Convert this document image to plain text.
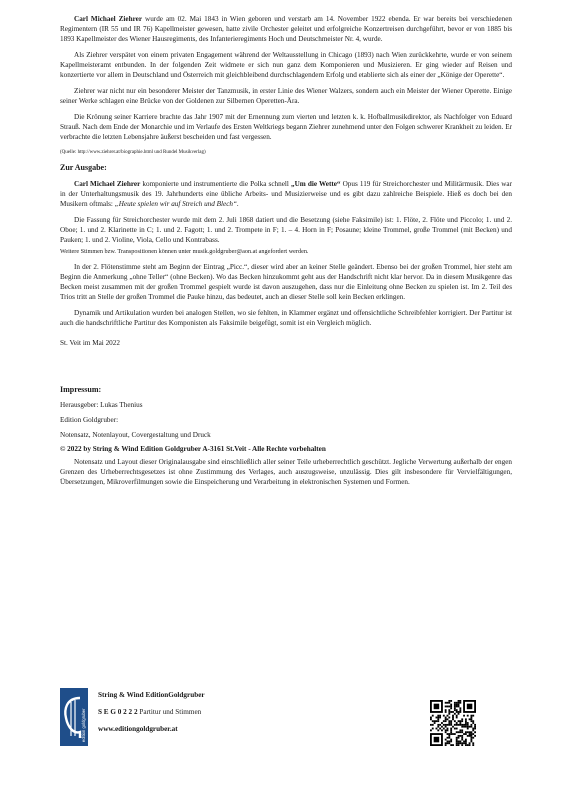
Carl Michael Ziehrer wurde am 02. Mai 1843 in Wien geboren und verstarb am 14. November 1922 ebenda. Er war bereits bei verschiedenen Regimentern (IR 55 und IR 76) Kapellmeister gewesen, hatte zivile Orchester geleitet und erfolgreiche Konzertreisen durchgeführt, bevor er von 1885 bis 1893 Kapellmeister des Wiener Hausregiments, des Infanterieregiments Hoch und Deutschmeister Nr. 4, wurde.

Als Ziehrer verspätet von einem privaten Engagement während der Weltausstellung in Chicago (1893) nach Wien zurückkehrte, wurde er von seinem Kapellmeisteramt entbunden. In der folgenden Zeit widmete er sich nun ganz dem Komponieren und Musizieren. Er ging wieder auf Reisen und konzertierte vor allem in Deutschland und Österreich mit gleichbleibend durchschlagendem Erfolg und etablierte sich als einer der „Könige der Operette“.

Ziehrer war nicht nur ein besonderer Meister der Tanzmusik, in erster Linie des Wiener Walzers, sondern auch ein Meister der Wiener Operette. Einige seiner Werke schlagen eine Brücke von der Goldenen zur Silbernen Operetten-Ära.

Die Krönung seiner Karriere brachte das Jahr 1907 mit der Ernennung zum vierten und letzten k. k. Hofballmusikdirektor, als Nachfolger von Eduard Strauß. Nach dem Ende der Monarchie und im Verlaufe des Ersten Weltkriegs begann Ziehrer zunehmend unter den Folgen schwerer Krankheit zu leiden. Er verbrachte die letzten Lebensjahre äußerst bescheiden und fast vergessen.

(Quelle: http://www.ziehrer.at/biographie.html und Rundel Musikverlag)

Zur Ausgabe:

Carl Michael Ziehrer komponierte und instrumentierte die Polka schnell „Um die Wette“ Opus 119 für Streichorchester und Militärmusik. Dies war in der Unterhaltungsmusik des 19. Jahrhunderts eine übliche Arbeits- und Musizierweise und es gibt dazu zahlreiche Beispiele. Hieß es doch bei den Musikern oftmals: „Heute spielen wir auf Streich und Blech“.

Die Fassung für Streichorchester wurde mit dem 2. Juli 1868 datiert und die Besetzung (siehe Faksimile) ist: 1. Flöte, 2. Flöte und Piccolo; 1. und 2. Oboe; 1. und 2. Klarinette in C; 1. und 2. Fagott; 1. und 2. Trompete in F; 1. – 4. Horn in F; Posaune; kleine Trommel, große Trommel (mit Becken) und Pauken; 1. und 2. Violine, Viola, Cello und Kontrabass.

Weitere Stimmen bzw. Transpositionen können unter musik.goldgruber@aon.at angefordert werden.

In der 2. Flötenstimme steht am Beginn der Eintrag „Picc.“, dieser wird aber an keiner Stelle geändert. Ebenso bei der großen Trommel, hier steht am Beginn die Anmerkung „ohne Teller“ (ohne Becken). Wo das Becken hinzukommt geht aus der Handschrift nicht klar hervor. Da in diesem Musikgenre das Becken meist zusammen mit der großen Trommel gespielt wurde ist davon auszugehen, dass nur die Einleitung ohne Becken zu spielen ist. Im 2. Teil des Trios tritt an Stelle der großen Trommel die Pauke hinzu, das bedeutet, auch an dieser Stelle soll kein Becken erklingen.

Dynamik und Artikulation wurden bei analogen Stellen, wo sie fehlten, in Klammer ergänzt und offensichtliche Schreibfehler korrigiert. Der Partitur ist auch die handschriftliche Partitur des Komponisten als Faksimile beigefügt, somit ist ein Vergleich möglich.

St. Veit im Mai 2022

Impressum:

Herausgeber: Lukas Thenius

Edition Goldgruber:

Notensatz, Notenlayout, Covergestaltung und Druck

© 2022 by String & Wind Edition Goldgruber A-3161 St.Veit - Alle Rechte vorbehalten

Notensatz und Layout dieser Originalausgabe sind einschließlich aller seiner Teile urheberrechtlich geschützt. Jegliche Verwertung außerhalb der engen Grenzen des Urheberrechtsgesetzes ist ohne Zustimmung des Verlages, auch auszugsweise, unzulässig. Dies gilt insbesondere für Vervielfältigungen, Übersetzungen, Mikroverfilmungen sowie die Einspeicherung und Verarbeitung in elektronischen Systemen und Formen.

edition goldgruber
String & Wind EditionGoldgruber
S E G 0 2 2 2 Partitur und Stimmen
www.editiongoldgruber.at
